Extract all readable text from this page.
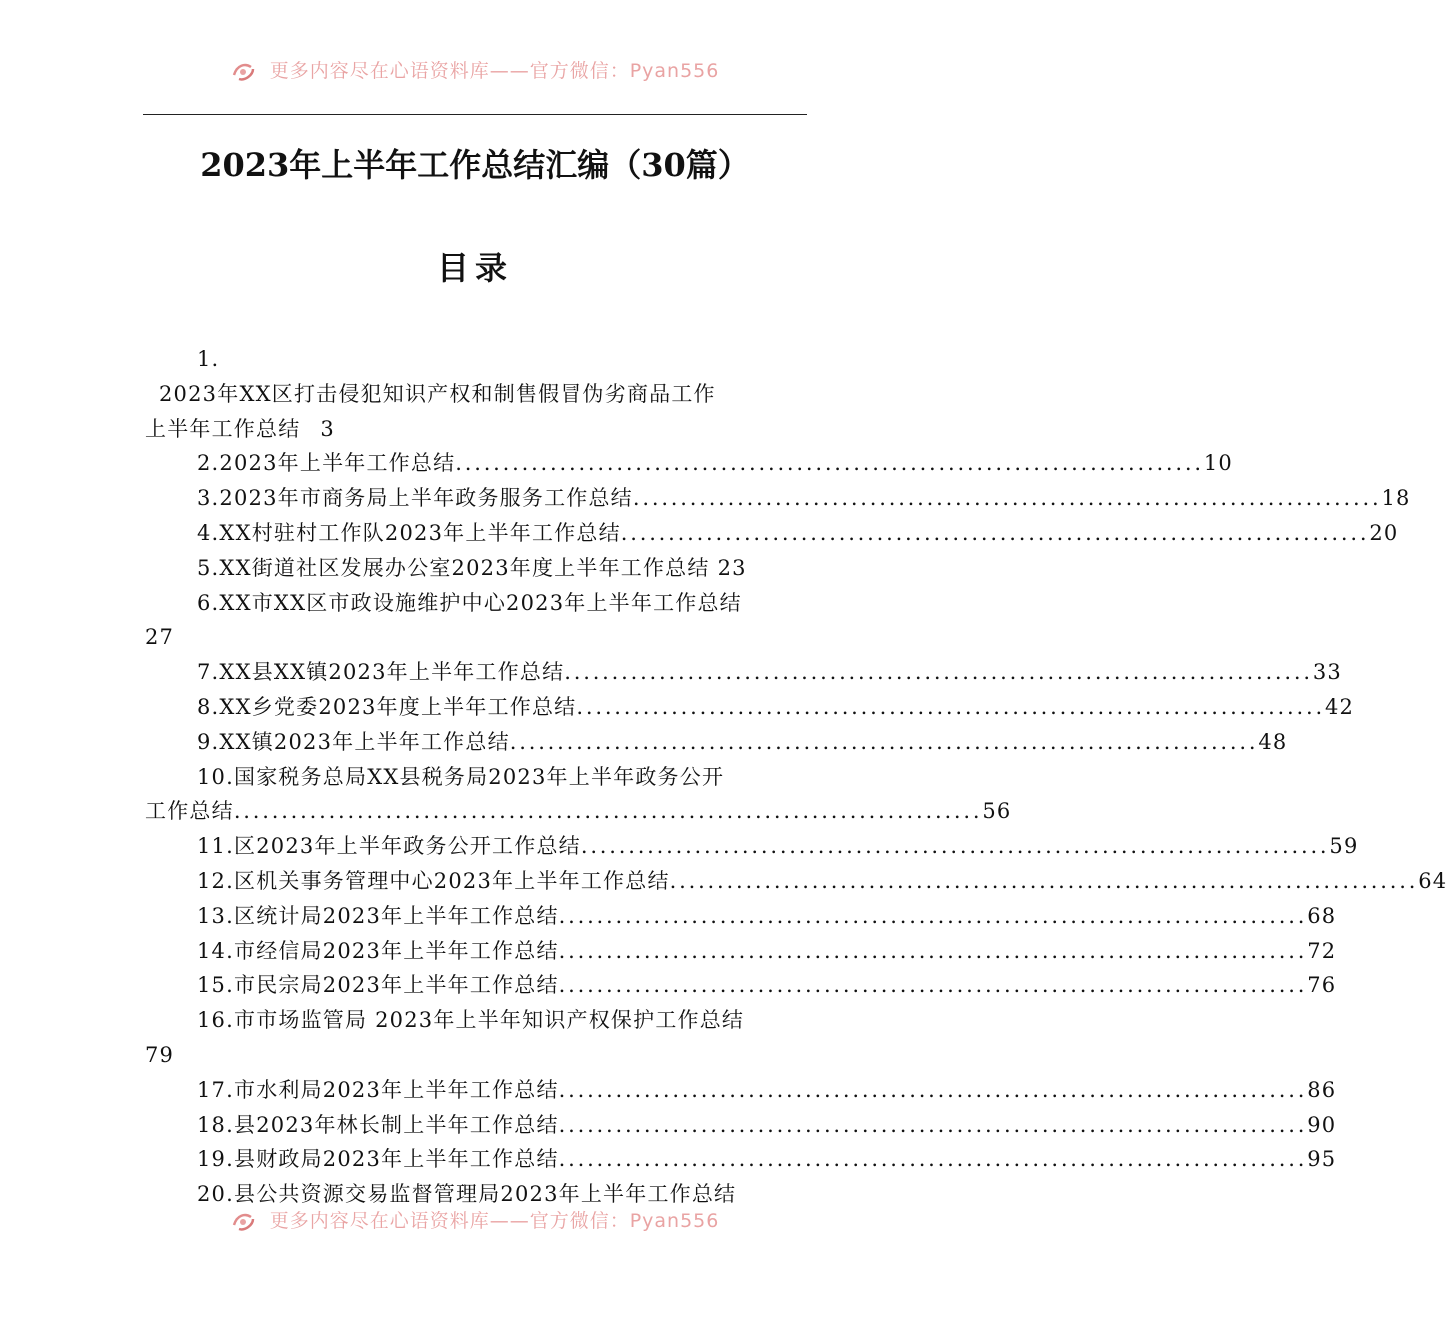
更多内容尽在心语资料库——官方微信：Pyan556
2023年上半年工作总结汇编（30篇）
目录
1.
2023年XX区打击侵犯知识产权和制售假冒伪劣商品工作
上半年工作总结 3
2.2023年上半年工作总结 ............................................................................... 10
3.2023年市商务局上半年政务服务工作总结 ............................................................................... 18
4.XX村驻村工作队2023年上半年工作总结 ............................................................................... 20
5.XX街道社区发展办公室2023年度上半年工作总结 23
6.XX市XX区市政设施维护中心2023年上半年工作总结
27
7.XX县XX镇2023年上半年工作总结 ............................................................................... 33
8.XX乡党委2023年度上半年工作总结 ............................................................................... 42
9.XX镇2023年上半年工作总结 ............................................................................... 48
10.国家税务总局XX县税务局2023年上半年政务公开
工作总结 ............................................................................... 56
11.区2023年上半年政务公开工作总结 ............................................................................... 59
12.区机关事务管理中心2023年上半年工作总结 ............................................................................... 64
13.区统计局2023年上半年工作总结 ............................................................................... 68
14.市经信局2023年上半年工作总结 ............................................................................... 72
15.市民宗局2023年上半年工作总结 ............................................................................... 76
16.市市场监管局 2023年上半年知识产权保护工作总结
79
17.市水利局2023年上半年工作总结 ............................................................................... 86
18.县2023年林长制上半年工作总结 ............................................................................... 90
19.县财政局2023年上半年工作总结 ............................................................................... 95
20.县公共资源交易监督管理局2023年上半年工作总结
更多内容尽在心语资料库——官方微信：Pyan556
